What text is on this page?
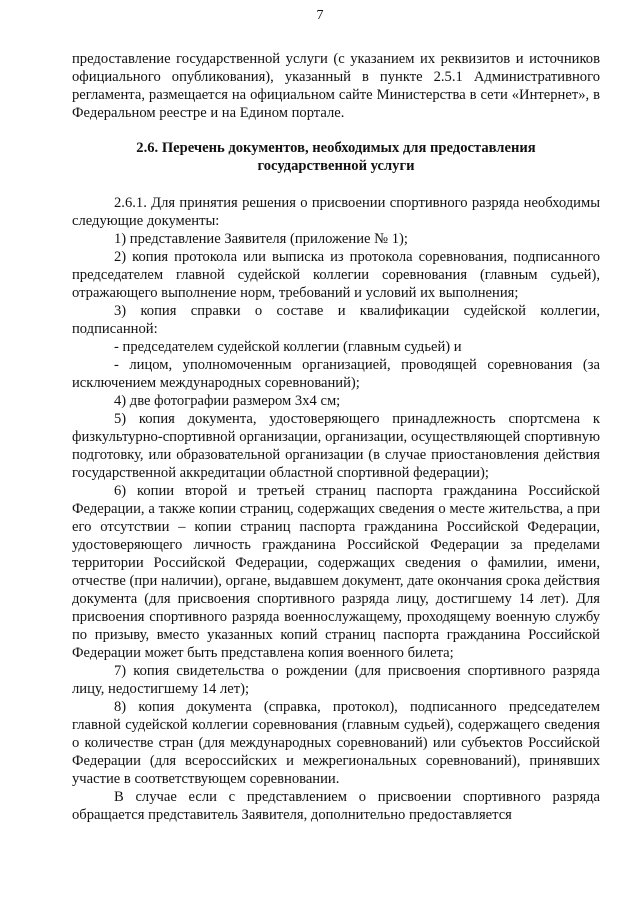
7

предоставление государственной услуги (с указанием их реквизитов и источников официального опубликования), указанный в пункте 2.5.1 Административного регламента, размещается на официальном сайте Министерства в сети «Интернет», в Федеральном реестре и на Едином портале.

2.6. Перечень документов, необходимых для предоставления государственной услуги

2.6.1. Для принятия решения о присвоении спортивного разряда необходимы следующие документы:

1) представление Заявителя (приложение № 1);

2) копия протокола или выписка из протокола соревнования, подписанного председателем главной судейской коллегии соревнования (главным судьей), отражающего выполнение норм, требований и условий их выполнения;

3) копия справки о составе и квалификации судейской коллегии, подписанной:

- председателем судейской коллегии (главным судьей) и

- лицом, уполномоченным организацией, проводящей соревнования (за исключением международных соревнований);

4) две фотографии размером 3х4 см;

5) копия документа, удостоверяющего принадлежность спортсмена к физкультурно-спортивной организации, организации, осуществляющей спортивную подготовку, или образовательной организации (в случае приостановления действия государственной аккредитации областной спортивной федерации);

6) копии второй и третьей страниц паспорта гражданина Российской Федерации, а также копии страниц, содержащих сведения о месте жительства, а при его отсутствии – копии страниц паспорта гражданина Российской Федерации, удостоверяющего личность гражданина Российской Федерации за пределами территории Российской Федерации, содержащих сведения о фамилии, имени, отчестве (при наличии), органе, выдавшем документ, дате окончания срока действия документа (для присвоения спортивного разряда лицу, достигшему 14 лет). Для присвоения спортивного разряда военнослужащему, проходящему военную службу по призыву, вместо указанных копий страниц паспорта гражданина Российской Федерации может быть представлена копия военного билета;

7) копия свидетельства о рождении (для присвоения спортивного разряда лицу, недостигшему 14 лет);

8) копия документа (справка, протокол), подписанного председателем главной судейской коллегии соревнования (главным судьей), содержащего сведения о количестве стран (для международных соревнований) или субъектов Российской Федерации (для всероссийских и межрегиональных соревнований), принявших участие в соответствующем соревновании.

В случае если с представлением о присвоении спортивного разряда обращается представитель Заявителя, дополнительно предоставляется
